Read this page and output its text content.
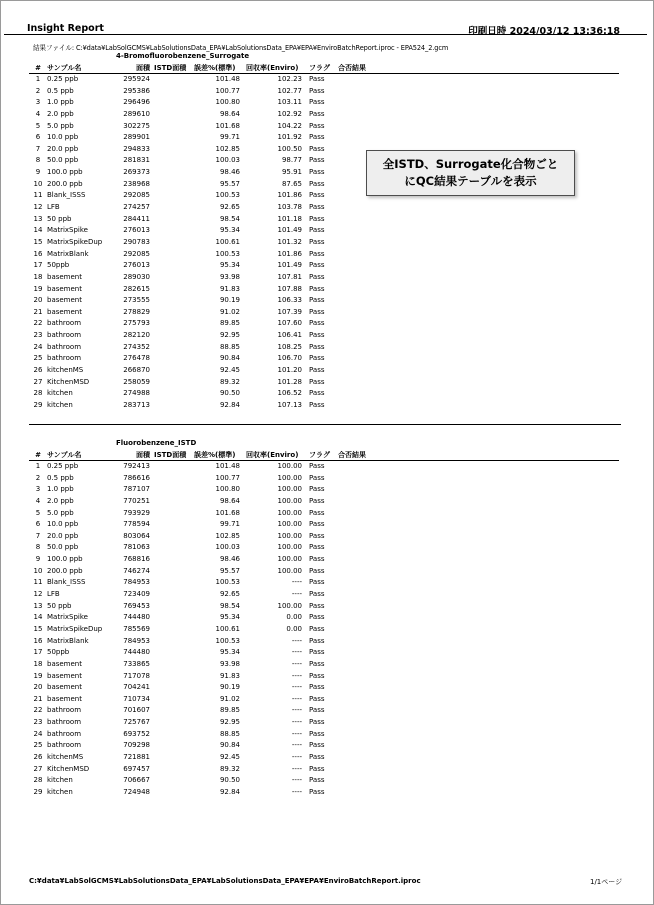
Insight Report	印刷日時 2024/03/12 13:36:18
結果ファイル: C:¥data¥LabSolGCMS¥LabSolutionsData_EPA¥LabSolutionsData_EPA¥EPA¥EnviroBatchReport.iproc - EPA524_2.gcm
4-Bromofluorobenzene_Surrogate
# サンプル名	面積 ISTD面積 誤差%(標準) 回収率(Enviro) フラグ 合否結果
1 0.25 ppb	295924	101.48	102.23 Pass
2 0.5 ppb	295386	100.77	102.77 Pass
3 1.0 ppb	296496	100.80	103.11 Pass
4 2.0 ppb	289610	98.64	102.92 Pass
5 5.0 ppb	302275	101.68	104.22 Pass
6 10.0 ppb	289901	99.71	101.92 Pass
7 20.0 ppb	294833	102.85	100.50 Pass
8 50.0 ppb	281831	100.03	98.77 Pass
9 100.0 ppb	269373	98.46	95.91 Pass
10 200.0 ppb	238968	95.57	87.65 Pass
11 Blank_ISSS	292085	100.53	101.86 Pass
12 LFB	274257	92.65	103.78 Pass
13 50 ppb	284411	98.54	101.18 Pass
14 MatrixSpike	276013	95.34	101.49 Pass
15 MatrixSpikeDup	290783	100.61	101.32 Pass
16 MatrixBlank	292085	100.53	101.86 Pass
17 50ppb	276013	95.34	101.49 Pass
18 basement	289030	93.98	107.81 Pass
19 basement	282615	91.83	107.88 Pass
20 basement	273555	90.19	106.33 Pass
21 basement	278829	91.02	107.39 Pass
22 bathroom	275793	89.85	107.60 Pass
23 bathroom	282120	92.95	106.41 Pass
24 bathroom	274352	88.85	108.25 Pass
25 bathroom	276478	90.84	106.70 Pass
26 kitchenMS	266870	92.45	101.20 Pass
27 KitchenMSD	258059	89.32	101.28 Pass
28 kitchen	274988	90.50	106.52 Pass
29 kitchen	283713	92.84	107.13 Pass
Fluorobenzene_ISTD
# サンプル名	面積 ISTD面積 誤差%(標準) 回収率(Enviro) フラグ 合否結果
1 0.25 ppb	792413	101.48	100.00 Pass
2 0.5 ppb	786616	100.77	100.00 Pass
3 1.0 ppb	787107	100.80	100.00 Pass
4 2.0 ppb	770251	98.64	100.00 Pass
5 5.0 ppb	793929	101.68	100.00 Pass
6 10.0 ppb	778594	99.71	100.00 Pass
7 20.0 ppb	803064	102.85	100.00 Pass
8 50.0 ppb	781063	100.03	100.00 Pass
9 100.0 ppb	768816	98.46	100.00 Pass
10 200.0 ppb	746274	95.57	100.00 Pass
11 Blank_ISSS	784953	100.53	---- Pass
12 LFB	723409	92.65	---- Pass
13 50 ppb	769453	98.54	100.00 Pass
14 MatrixSpike	744480	95.34	0.00 Pass
15 MatrixSpikeDup	785569	100.61	0.00 Pass
16 MatrixBlank	784953	100.53	---- Pass
17 50ppb	744480	95.34	---- Pass
18 basement	733865	93.98	---- Pass
19 basement	717078	91.83	---- Pass
20 basement	704241	90.19	---- Pass
21 basement	710734	91.02	---- Pass
22 bathroom	701607	89.85	---- Pass
23 bathroom	725767	92.95	---- Pass
24 bathroom	693752	88.85	---- Pass
25 bathroom	709298	90.84	---- Pass
26 kitchenMS	721881	92.45	---- Pass
27 KitchenMSD	697457	89.32	---- Pass
28 kitchen	706667	90.50	---- Pass
29 kitchen	724948	92.84	---- Pass
全ISTD、Surrogate化合物ごと
にQC結果テーブルを表示
C:¥data¥LabSolGCMS¥LabSolutionsData_EPA¥LabSolutionsData_EPA¥EPA¥EnviroBatchReport.iproc	1/1ページ
